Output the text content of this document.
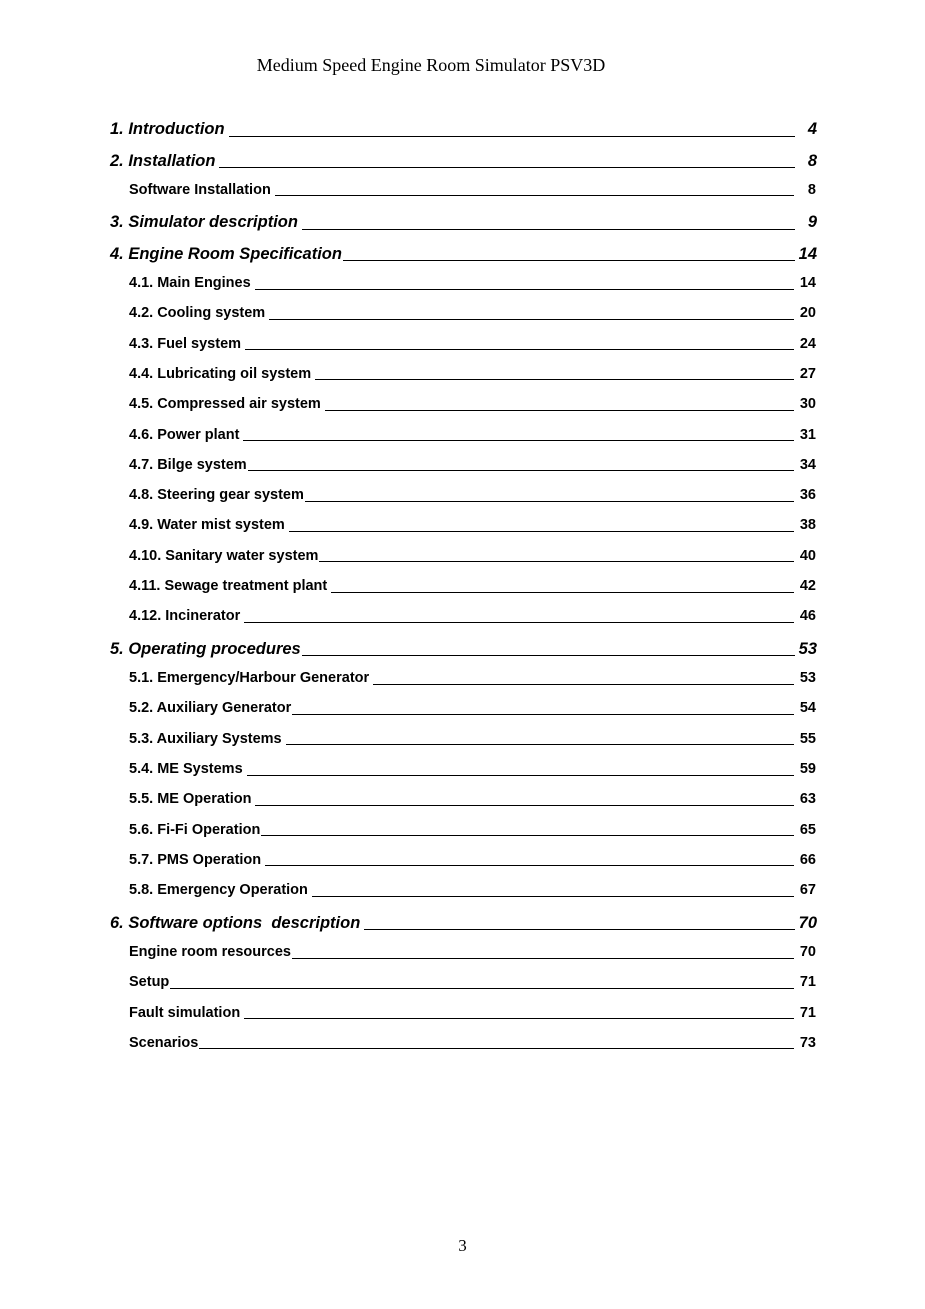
Medium Speed Engine Room Simulator PSV3D
1. Introduction	4
2. Installation	8
Software Installation	8
3. Simulator description	9
4. Engine Room Specification	14
4.1. Main Engines	14
4.2. Cooling system	20
4.3. Fuel system	24
4.4. Lubricating oil system	27
4.5. Compressed air system	30
4.6. Power plant	31
4.7. Bilge system	34
4.8. Steering gear system	36
4.9. Water mist system	38
4.10. Sanitary water system	40
4.11. Sewage treatment plant	42
4.12. Incinerator	46
5. Operating procedures	53
5.1. Emergency/Harbour Generator	53
5.2. Auxiliary Generator	54
5.3. Auxiliary Systems	55
5.4. ME Systems	59
5.5. ME Operation	63
5.6. Fi-Fi Operation	65
5.7. PMS Operation	66
5.8. Emergency Operation	67
6. Software options  description	70
Engine room resources	70
Setup	71
Fault simulation	71
Scenarios	73
3
